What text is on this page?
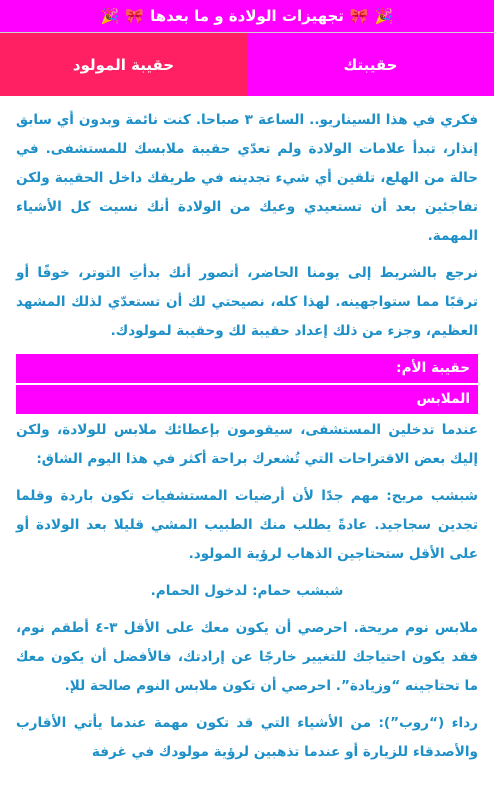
🎉
🎀
تجهيزات الولادة و ما بعدها
🎀
🎉
حقيبة المولود	حقيبتك

فكري في هذا السيناريو.. الساعة ٣ صباحا. كنت نائمة وبدون أي سابق إنذار، تبدأ علامات الولادة ولم تعدّي حقيبة ملابسك للمستشفى. في حالة من الهلع، تلقين أي شيء تجدينه في طريقك داخل الحقيبة ولكن تفاجئين بعد أن تستعيدي وعيك من الولادة أنك نسيت كل الأشياء المهمة.

نرجع بالشريط إلى يومنا الحاضر، أتصور أنك بدأتِ التوتر، خوفًا أو ترقبًا مما ستواجهينه. لهذا كله، نصيحتي لك أن تستعدّي لذلك المشهد العظيم، وجزء من ذلك إعداد حقيبة لك وحقيبة لمولودك.

حقيبة الأم:
الملابس

عندما تدخلين المستشفى، سيقومون بإعطائك ملابس للولادة، ولكن إليك بعض الاقتراحات التي تُشعرك براحة أكثر في هذا اليوم الشاق:

شبشب مريح: مهم جدًا لأن أرضيات المستشفيات تكون باردة وقلما تجدين سجاجيد. عادةً يطلب منك الطبيب المشي قليلا بعد الولادة أو على الأقل ستحتاجين الذهاب لرؤية المولود.

شبشب حمام: لدخول الحمام.

ملابس نوم مريحة. احرصي أن يكون معك على الأقل ٣-٤ أطقم نوم، فقد يكون احتياجك للتغيير خارجًا عن إرادتك، فالأفضل أن يكون معك ما تحتاجينه “وزيادة”. احرصي أن تكون ملابس النوم صالحة للإ.

رداء (“روب”): من الأشياء التي قد تكون مهمة عندما يأتي الأقارب والأصدقاء للزيارة أو عندما تذهبين لرؤية مولودك في غرفة
